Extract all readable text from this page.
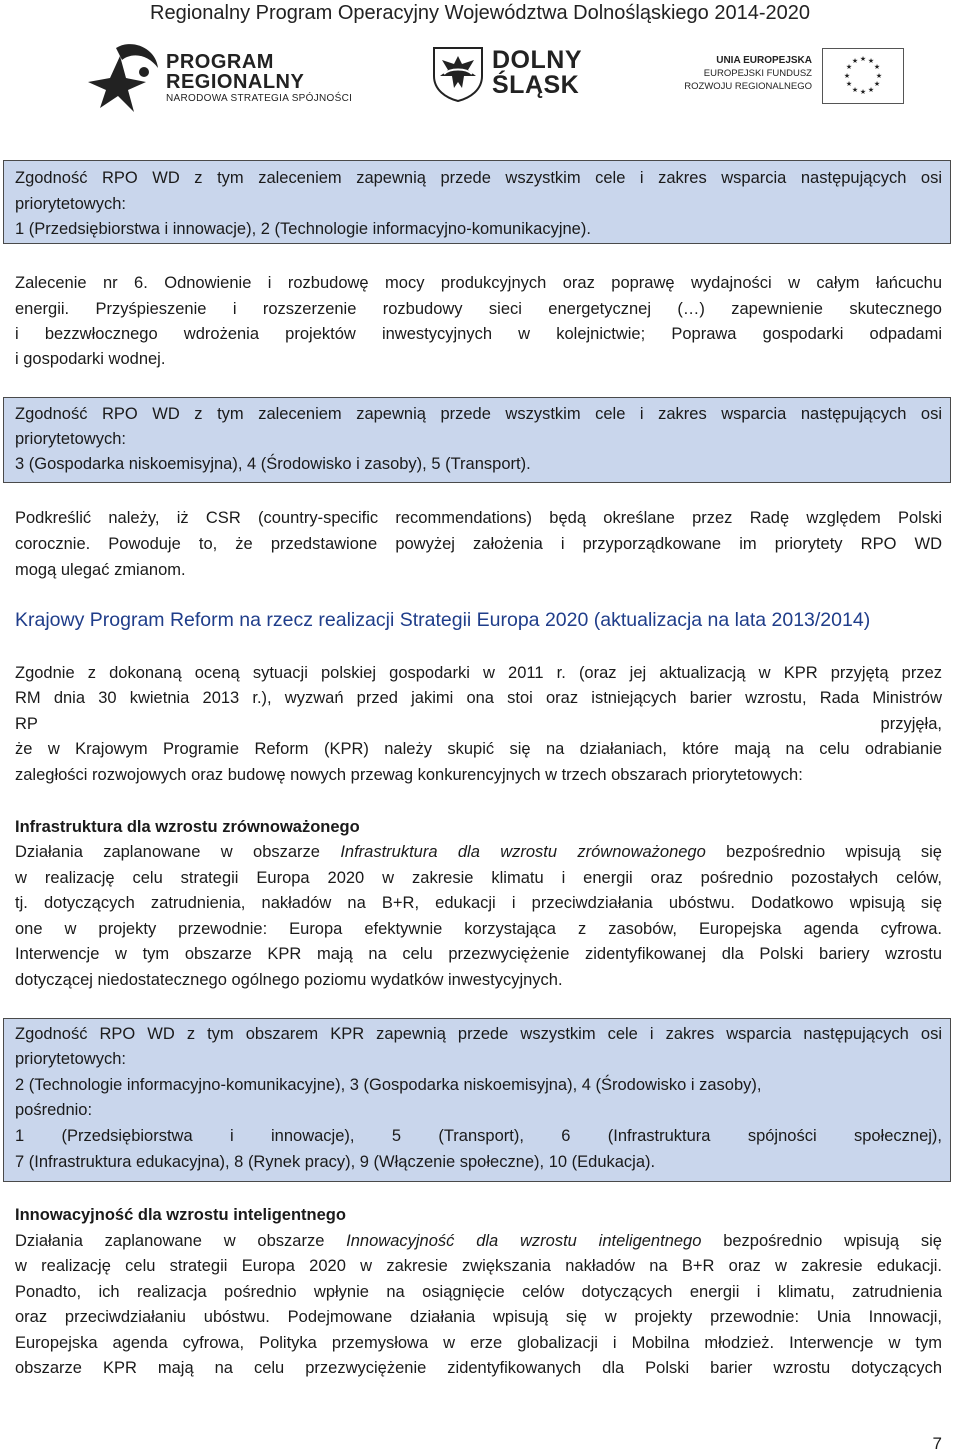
Regionalny Program Operacyjny Województwa Dolnośląskiego 2014-2020
PROGRAM
REGIONALNY
NARODOWA STRATEGIA SPÓJNOŚCI
DOLNY
ŚLĄSK
UNIA EUROPEJSKA
EUROPEJSKI FUNDUSZ
ROZWOJU REGIONALNEGO
★ ★
★
★
★
★
★
★
★
★
★
★
Zgodność RPO WD z tym zaleceniem zapewnią przede wszystkim cele i zakres wsparcia następujących osi
priorytetowych:
1 (Przedsiębiorstwa i innowacje), 2 (Technologie informacyjno-komunikacyjne).
Zalecenie nr 6. Odnowienie i rozbudowę mocy produkcyjnych oraz poprawę wydajności w całym łańcuchu
energii. Przyśpieszenie i rozszerzenie rozbudowy sieci energetycznej (…) zapewnienie skutecznego
i bezzwłocznego wdrożenia projektów inwestycyjnych w kolejnictwie; Poprawa gospodarki odpadami
i gospodarki wodnej.
Zgodność RPO WD z tym zaleceniem zapewnią przede wszystkim cele i zakres wsparcia następujących osi
priorytetowych:
3 (Gospodarka niskoemisyjna), 4 (Środowisko i zasoby), 5 (Transport).
Podkreślić należy, iż CSR (country-specific recommendations) będą określane przez Radę względem Polski
corocznie. Powoduje to, że przedstawione powyżej założenia i przyporządkowane im priorytety RPO WD
mogą ulegać zmianom.
Krajowy Program Reform na rzecz realizacji Strategii Europa 2020 (aktualizacja na lata 2013/2014)
Zgodnie z dokonaną oceną sytuacji polskiej gospodarki w 2011 r. (oraz jej aktualizacją w KPR przyjętą przez
RM dnia 30 kwietnia 2013 r.), wyzwań przed jakimi ona stoi oraz istniejących barier wzrostu, Rada Ministrów
RP	przyjęła,
że w Krajowym Programie Reform (KPR) należy skupić się na działaniach, które mają na celu odrabianie
zaległości rozwojowych oraz budowę nowych przewag konkurencyjnych w trzech obszarach priorytetowych:
Infrastruktura dla wzrostu zrównoważonego
Działania zaplanowane w obszarze Infrastruktura dla wzrostu zrównoważonego bezpośrednio wpisują się
w realizację celu strategii Europa 2020 w zakresie klimatu i energii oraz pośrednio pozostałych celów,
tj. dotyczących zatrudnienia, nakładów na B+R, edukacji i przeciwdziałania ubóstwu. Dodatkowo wpisują się
one w projekty przewodnie: Europa efektywnie korzystająca z zasobów, Europejska agenda cyfrowa.
Interwencje w tym obszarze KPR mają na celu przezwyciężenie zidentyfikowanej dla Polski bariery wzrostu
dotyczącej niedostatecznego ogólnego poziomu wydatków inwestycyjnych.
Zgodność RPO WD z tym obszarem KPR zapewnią przede wszystkim cele i zakres wsparcia następujących osi
priorytetowych:
2 (Technologie informacyjno-komunikacyjne), 3 (Gospodarka niskoemisyjna), 4 (Środowisko i zasoby),
pośrednio:
1 (Przedsiębiorstwa i innowacje), 5 (Transport), 6 (Infrastruktura spójności społecznej),
7 (Infrastruktura edukacyjna), 8 (Rynek pracy), 9 (Włączenie społeczne), 10 (Edukacja).
Innowacyjność dla wzrostu inteligentnego
Działania zaplanowane w obszarze Innowacyjność dla wzrostu inteligentnego bezpośrednio wpisują się
w realizację celu strategii Europa 2020 w zakresie zwiększania nakładów na B+R oraz w zakresie edukacji.
Ponadto, ich realizacja pośrednio wpłynie na osiągnięcie celów dotyczących energii i klimatu, zatrudnienia
oraz przeciwdziałaniu ubóstwu. Podejmowane działania wpisują się w projekty przewodnie: Unia Innowacji,
Europejska agenda cyfrowa, Polityka przemysłowa w erze globalizacji i Mobilna młodzież. Interwencje w tym
obszarze KPR mają na celu przezwyciężenie zidentyfikowanych dla Polski barier wzrostu dotyczących
7
